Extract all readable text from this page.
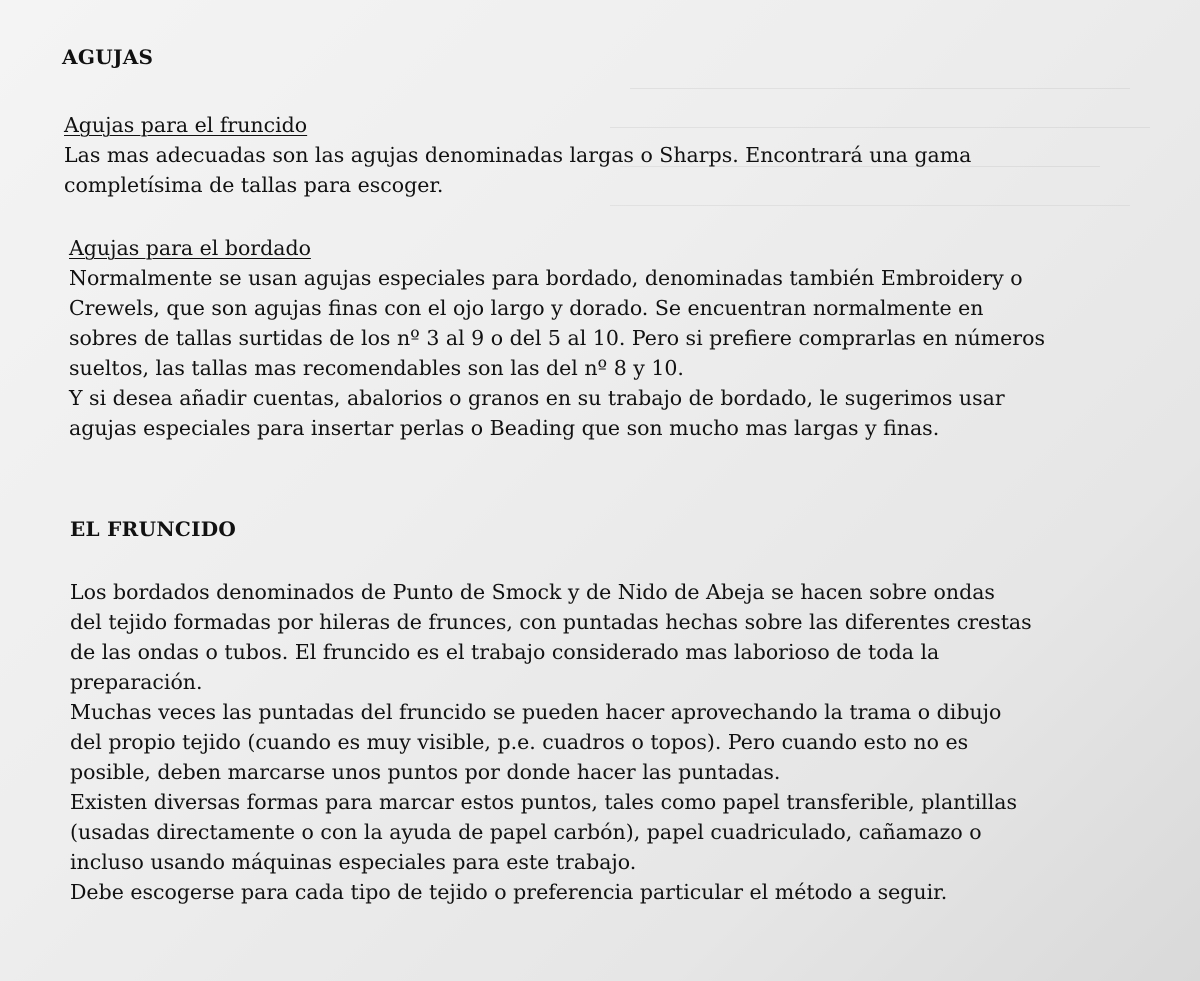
AGUJAS
Agujas para el fruncido
Las mas adecuadas son las agujas denominadas largas o Sharps. Encontrará una gama
completísima de tallas para escoger.
Agujas para el bordado
Normalmente se usan agujas especiales para bordado, denominadas también Embroidery o
Crewels, que son agujas finas con el ojo largo y dorado. Se encuentran normalmente en
sobres de tallas surtidas de los nº 3 al 9 o del 5 al 10. Pero si prefiere comprarlas en números
sueltos, las tallas mas recomendables son las del nº 8 y 10.
Y si desea añadir cuentas, abalorios o granos en su trabajo de bordado, le sugerimos usar
agujas especiales para insertar perlas o Beading que son mucho mas largas y finas.
EL FRUNCIDO
Los bordados denominados de Punto de Smock y de Nido de Abeja se hacen sobre ondas
del tejido formadas por hileras de frunces, con puntadas hechas sobre las diferentes crestas
de las ondas o tubos. El fruncido es el trabajo considerado mas laborioso de toda la
preparación.
Muchas veces las puntadas del fruncido se pueden hacer aprovechando la trama o dibujo
del propio tejido (cuando es muy visible, p.e. cuadros o topos). Pero cuando esto no es
posible, deben marcarse unos puntos por donde hacer las puntadas.
Existen diversas formas para marcar estos puntos, tales como papel transferible, plantillas
(usadas directamente o con la ayuda de papel carbón), papel cuadriculado, cañamazo o
incluso usando máquinas especiales para este trabajo.
Debe escogerse para cada tipo de tejido o preferencia particular el método a seguir.
